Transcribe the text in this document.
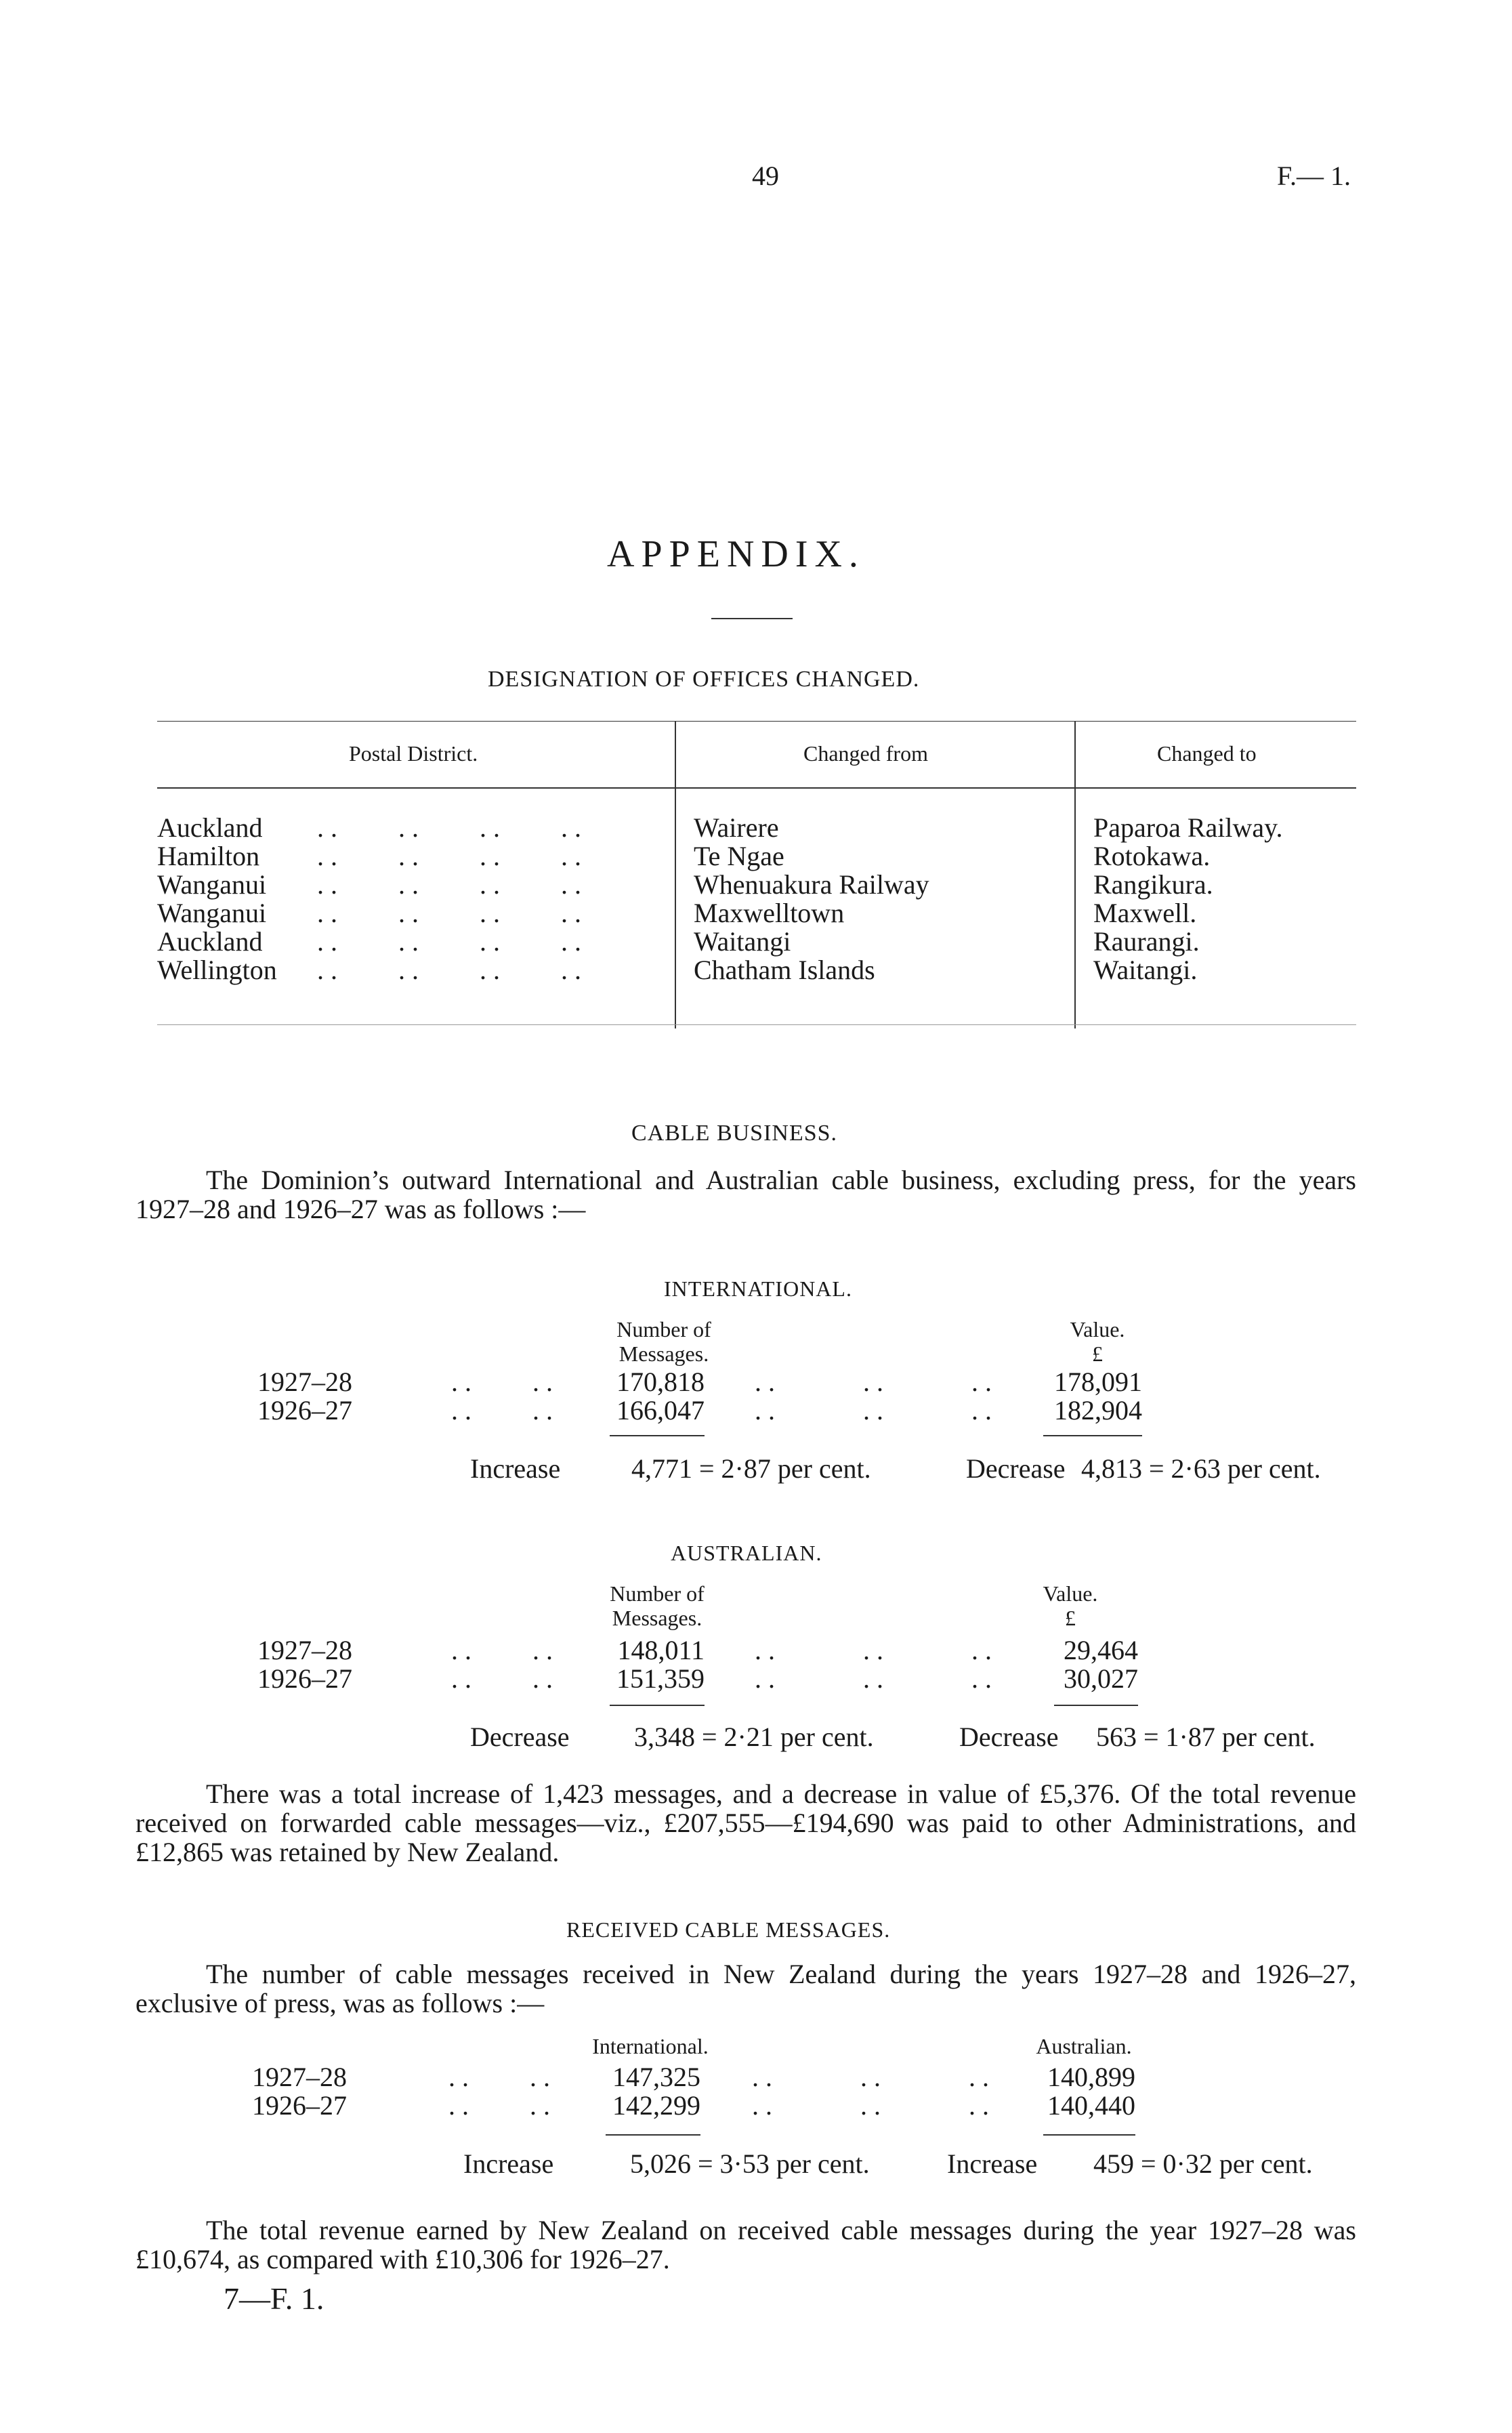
49	F.— 1.
APPENDIX.
DESIGNATION OF OFFICES CHANGED.
Postal District.	Changed from	Changed to
Auckland ..    ..    ..    ..	Wairere	Paparoa Railway.
Hamilton ..    ..    ..    ..	Te Ngae	Rotokawa.
Wanganui ..    ..    ..    ..	Whenuakura Railway	Rangikura.
Wanganui ..    ..    ..    ..	Maxwelltown	Maxwell.
Auckland ..    ..    ..    ..	Waitangi	Raurangi.
Wellington ..    ..    ..    ..	Chatham Islands	Waitangi.
CABLE BUSINESS.
The Dominion’s outward International and Australian cable business, excluding press, for the years 1927–28 and 1926–27 was as follows :—
INTERNATIONAL.
Number of
Messages.
Value.
£
1927–28	..    ..	170,818 ..      ..      ..	178,091
1926–27	..    ..	166,047 ..      ..      ..	182,904
Increase	4,771 = 2·87 per cent.	Decrease 4,813 = 2·63 per cent.
AUSTRALIAN.
Number of
Messages.
Value.
£
1927–28	..    ..	148,011 ..      ..      ..	29,464
1926–27	..    ..	151,359 ..      ..      ..	30,027
Decrease 3,348 = 2·21 per cent.	Decrease 563 = 1·87 per cent.
There was a total increase of 1,423 messages, and a decrease in value of £5,376. Of the total revenue received on forwarded cable messages—viz., £207,555—£194,690 was paid to other Administrations, and £12,865 was retained by New Zealand.
RECEIVED CABLE MESSAGES.
The number of cable messages received in New Zealand during the years 1927–28 and 1926–27, exclusive of press, was as follows :—
International.	Australian.
1927–28	..    ..	147,325 ..      ..      ..	140,899
1926–27	..    ..	142,299 ..      ..      ..	140,440
Increase	5,026 = 3·53 per cent.	Increase 459 = 0·32 per cent.
The total revenue earned by New Zealand on received cable messages during the year 1927–28 was £10,674, as compared with £10,306 for 1926–27.
7—F. 1.
